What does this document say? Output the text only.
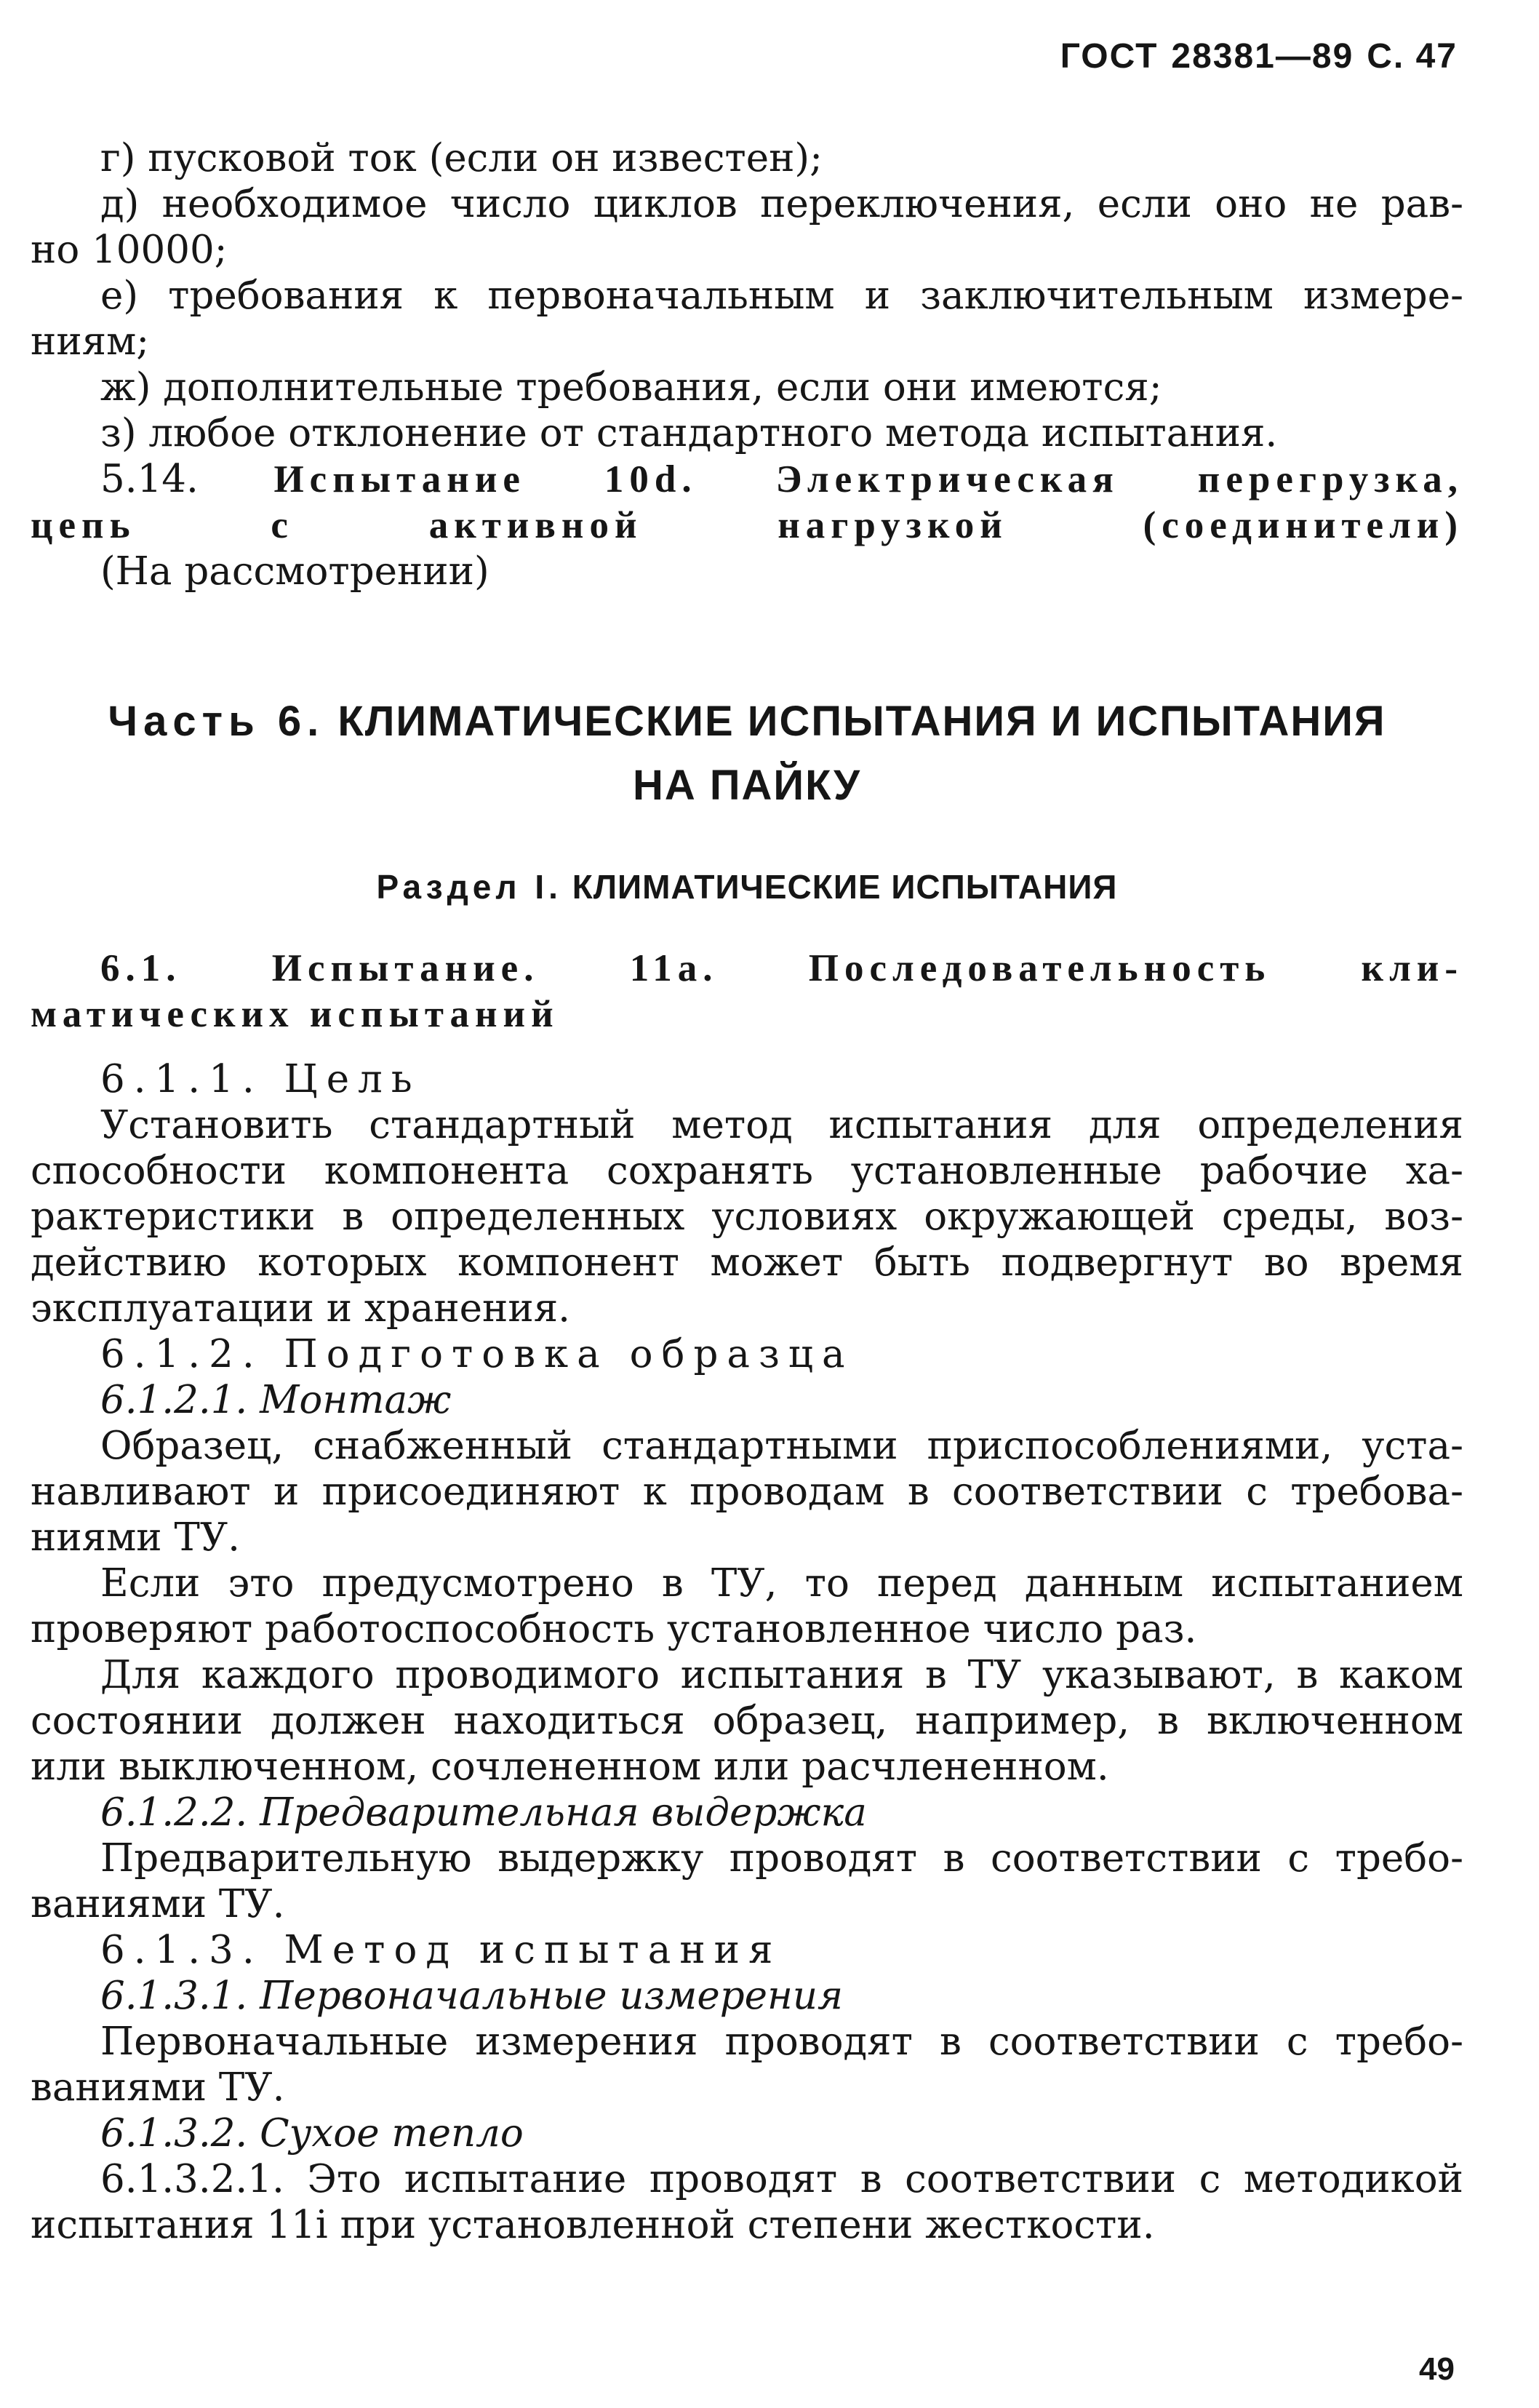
ГОСТ 28381—89 С. 47
г) пусковой ток (если он известен);
д) необходимое число циклов переключения, если оно не рав-
но 10000;
е) требования к первоначальным и заключительным измере-
ниям;
ж) дополнительные требования, если они имеются;
з) любое отклонение от стандартного метода испытания.
5.14. Испытание 10d. Электрическая перегрузка,
цепь с активной нагрузкой (соединители)
(На рассмотрении)
Часть 6. КЛИМАТИЧЕСКИЕ ИСПЫТАНИЯ И ИСПЫТАНИЯ
НА ПАЙКУ
Раздел I. КЛИМАТИЧЕСКИЕ ИСПЫТАНИЯ
6.1. Испытание. 11а. Последовательность кли-
матических испытаний
6.1.1. Цель
Установить стандартный метод испытания для определения
способности компонента сохранять установленные рабочие ха-
рактеристики в определенных условиях окружающей среды, воз-
действию которых компонент может быть подвергнут во время
эксплуатации и хранения.
6.1.2. Подготовка образца
6.1.2.1. Монтаж
Образец, снабженный стандартными приспособлениями, уста-
навливают и присоединяют к проводам в соответствии с требова-
ниями ТУ.
Если это предусмотрено в ТУ, то перед данным испытанием
проверяют работоспособность установленное число раз.
Для каждого проводимого испытания в ТУ указывают, в каком
состоянии должен находиться образец, например, в включенном
или выключенном, сочлененном или расчлененном.
6.1.2.2. Предварительная выдержка
Предварительную выдержку проводят в соответствии с требо-
ваниями ТУ.
6.1.3. Метод испытания
6.1.3.1. Первоначальные измерения
Первоначальные измерения проводят в соответствии с требо-
ваниями ТУ.
6.1.3.2. Сухое тепло
6.1.3.2.1. Это испытание проводят в соответствии с методикой
испытания 11i при установленной степени жесткости.
49
